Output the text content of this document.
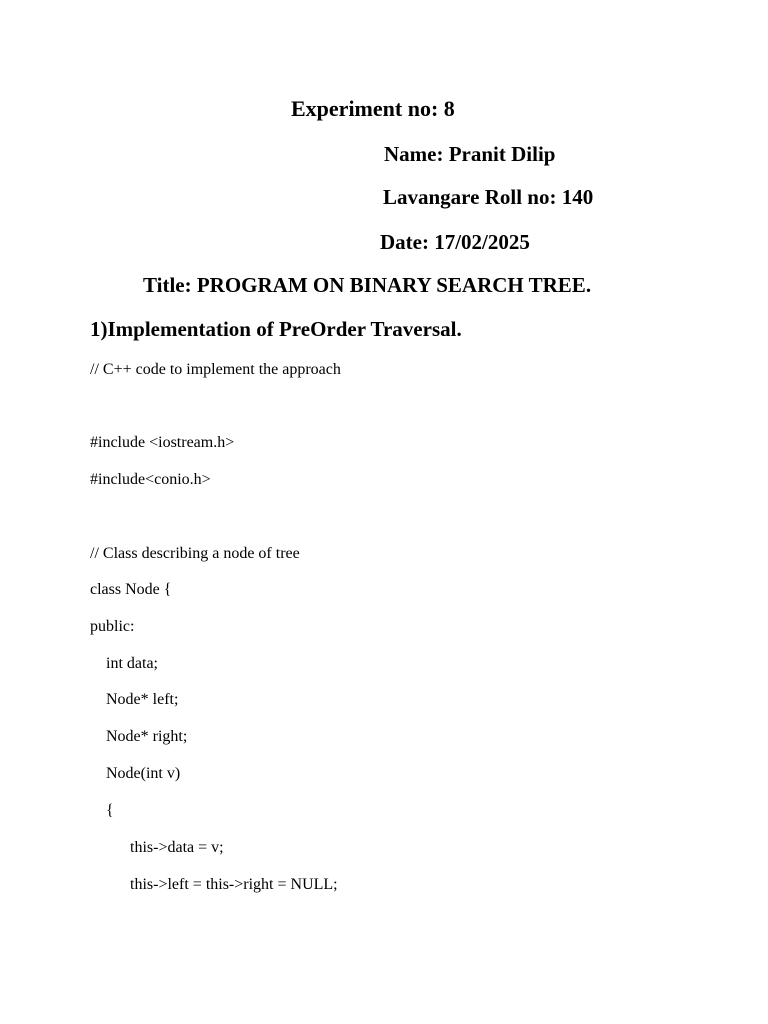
Experiment no: 8
Name: Pranit Dilip
Lavangare Roll no: 140
Date: 17/02/2025
Title: PROGRAM ON BINARY SEARCH TREE.
1)Implementation of PreOrder Traversal.
// C++ code to implement the approach
#include <iostream.h>
#include<conio.h>
// Class describing a node of tree
class Node {
public:
int data;
Node* left;
Node* right;
Node(int v)
{
this->data = v;
this->left = this->right = NULL;
